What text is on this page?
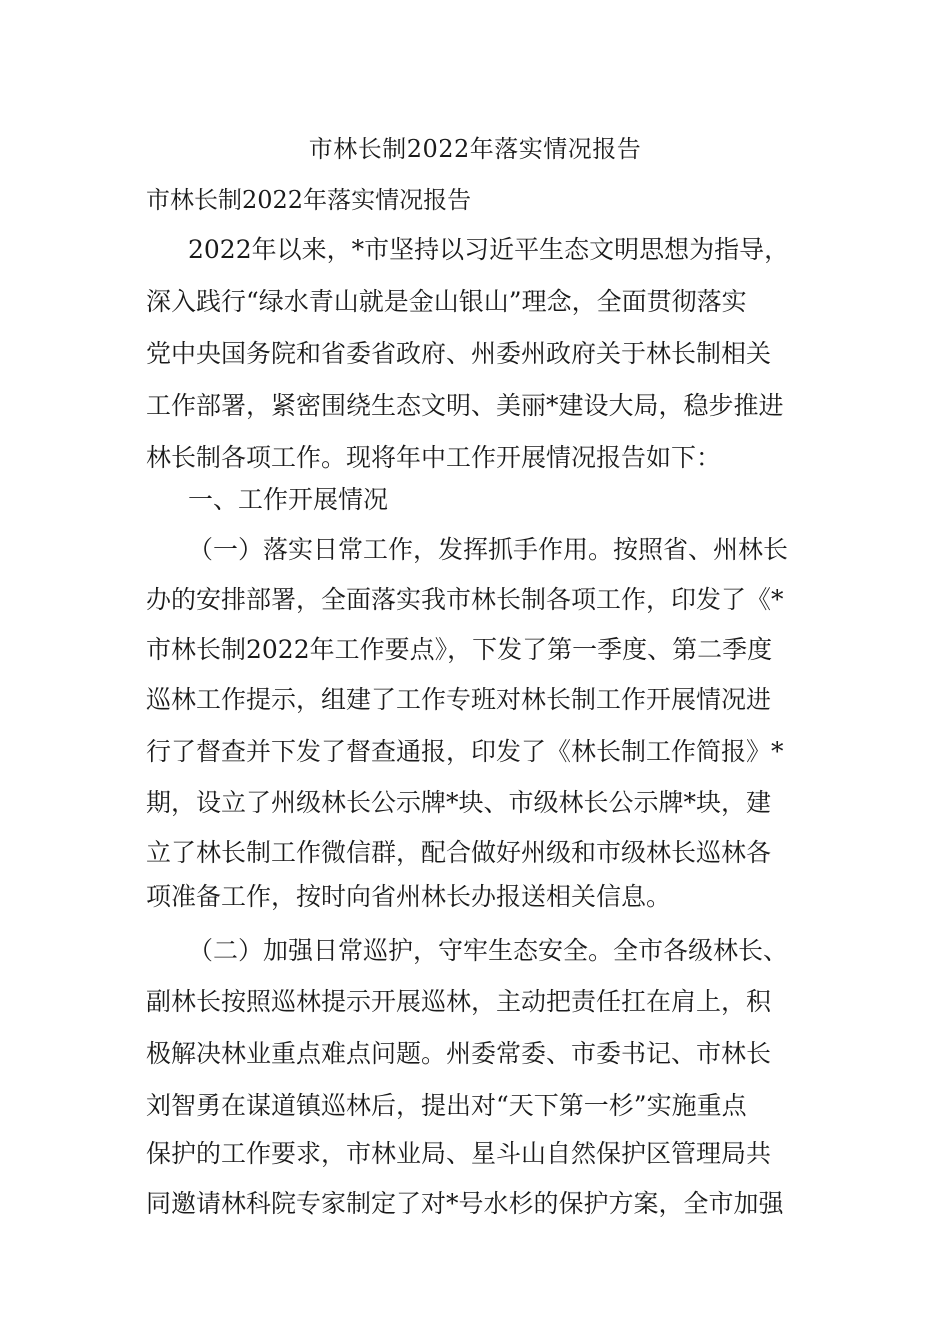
市林长制2022年落实情况报告
市林长制2022年落实情况报告
2022年以来，*市坚持以习近平生态文明思想为指导，
深入践行“绿水青山就是金山银山”理念，全面贯彻落实
党中央国务院和省委省政府、州委州政府关于林长制相关
工作部署，紧密围绕生态文明、美丽*建设大局，稳步推进
林长制各项工作。现将年中工作开展情况报告如下：
一、工作开展情况
（一）落实日常工作，发挥抓手作用。按照省、州林长
办的安排部署，全面落实我市林长制各项工作，印发了《*
市林长制2022年工作要点》，下发了第一季度、第二季度
巡林工作提示，组建了工作专班对林长制工作开展情况进
行了督查并下发了督查通报，印发了《林长制工作简报》*
期，设立了州级林长公示牌*块、市级林长公示牌*块，建
立了林长制工作微信群，配合做好州级和市级林长巡林各
项准备工作，按时向省州林长办报送相关信息。
（二）加强日常巡护，守牢生态安全。全市各级林长、
副林长按照巡林提示开展巡林，主动把责任扛在肩上，积
极解决林业重点难点问题。州委常委、市委书记、市林长
刘智勇在谋道镇巡林后，提出对“天下第一杉”实施重点
保护的工作要求，市林业局、星斗山自然保护区管理局共
同邀请林科院专家制定了对*号水杉的保护方案，全市加强
